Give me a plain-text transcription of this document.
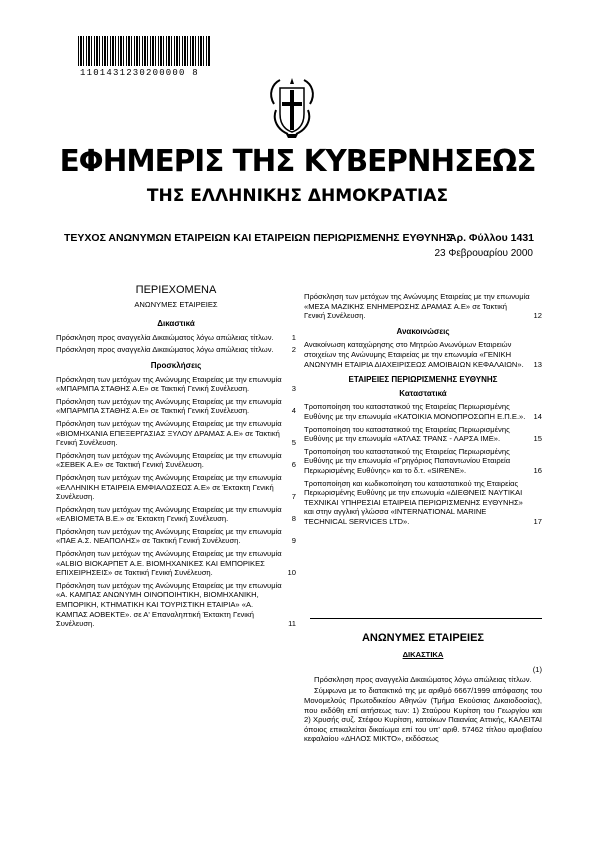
1101431230200000 8
ΕΦΗΜΕΡΙΣ ΤΗΣ ΚΥΒΕΡΝΗΣΕΩΣ
ΤΗΣ ΕΛΛΗΝΙΚΗΣ ΔΗΜΟΚΡΑΤΙΑΣ
ΤΕΥΧΟΣ ΑΝΩΝΥΜΩΝ ΕΤΑΙΡΕΙΩΝ ΚΑΙ ΕΤΑΙΡΕΙΩΝ ΠΕΡΙΩΡΙΣΜΕΝΗΣ ΕΥΘΥΝΗΣ
Αρ. Φύλλου 1431
23 Φεβρουαρίου 2000
ΠΕΡΙΕΧΟΜΕΝΑ
ΑΝΩΝΥΜΕΣ ΕΤΑΙΡΕΙΕΣ
Δικαστικά
Πρόσκληση προς αναγγελία Δικαιώματος λόγω απώλειας τίτλων. 1
Πρόσκληση προς αναγγελία Δικαιώματος λόγω απώλειας τίτλων. 2
Προσκλήσεις
Πρόσκληση των μετόχων της Ανώνυμης Εταιρείας με την επωνυμία «ΜΠΑΡΜΠΑ ΣΤΑΘΗΣ Α.Ε» σε Τακτική Γενική Συνέλευση.	3
Πρόσκληση των μετόχων της Ανώνυμης Εταιρείας με την επωνυμία «ΜΠΑΡΜΠΑ ΣΤΑΘΗΣ Α.Ε» σε Τακτική Γενική Συνέλευση.	4
Πρόσκληση των μετόχων της Ανώνυμης Εταιρείας με την επωνυμία «ΒΙΟΜΗΧΑΝΙΑ ΕΠΕΞΕΡΓΑΣΙΑΣ ΞΥΛΟΥ ΔΡΑΜΑΣ Α.Ε» σε Τακτική Γενική Συνέλευση.	5
Πρόσκληση των μετόχων της Ανώνυμης Εταιρείας με την επωνυμία «ΣΕΒΕΚ Α.Ε» σε Τακτική Γενική Συνέλευση.	6
Πρόσκληση των μετόχων της Ανώνυμης Εταιρείας με την επωνυμία «ΕΛΛΗΝΙΚΗ ΕΤΑΙΡΕΙΑ ΕΜΦΙΑΛΩΣΕΩΣ Α.Ε» σε Έκτακτη Γενική Συνέλευση.	7
Πρόσκληση των μετόχων της Ανώνυμης Εταιρείας με την επωνυμία «ΕΛΒΙΟΜΕΤΑ Β.Ε.» σε Έκτακτη Γενική Συνέλευση.	8
Πρόσκληση των μετόχων της Ανώνυμης Εταιρείας με την επωνυμία «ΠΑΕ Α.Σ. ΝΕΑΠΟΛΗΣ» σε Τακτική Γενική Συνέλευση.	9
Πρόσκληση των μετόχων της Ανώνυμης Εταιρείας με την επωνυμία «ALBIO ΒΙΟΚΑΡΠΕΤ Α.Ε. ΒΙΟΜΗΧΑΝΙΚΕΣ ΚΑΙ ΕΜΠΟΡΙΚΕΣ ΕΠΙΧΕΙΡΗΣΕΙΣ» σε Τακτική Γενική Συνέλευση.	10
Πρόσκληση των μετόχων της Ανώνυμης Εταιρείας με την επωνυμία «Α. ΚΑΜΠΑΣ ΑΝΩΝΥΜΗ ΟΙΝΟΠΟΙΗΤΙΚΗ, ΒΙΟΜΗΧΑΝΙΚΗ, ΕΜΠΟΡΙΚΗ, ΚΤΗΜΑΤΙΚΗ ΚΑΙ ΤΟΥΡΙΣΤΙΚΗ ΕΤΑΙΡΙΑ» «Α. ΚΑΜΠΑΣ ΑΟΒΕΚΤΕ». σε Α' Επαναληπτική Έκτακτη Γενική Συνέλευση.	11
Πρόσκληση των μετόχων της Ανώνυμης Εταιρείας με την επωνυμία «ΜΕΣΑ ΜΑΖΙΚΗΣ ΕΝΗΜΕΡΩΣΗΣ ΔΡΑΜΑΣ Α.Ε» σε Τακτική Γενική Συνέλευση.	12
Ανακοινώσεις
Ανακοίνωση καταχώρησης στο Μητρώο Ανωνύμων Εταιρειών στοιχείων της Ανώνυμης Εταιρείας με την επωνυμία «ΓΕΝΙΚΗ ΑΝΩΝΥΜΗ ΕΤΑΙΡΙΑ ΔΙΑΧΕΙΡΙΣΕΩΣ ΑΜΟΙΒΑΙΩΝ ΚΕΦΑΛΑΙΩΝ». 13
ΕΤΑΙΡΕΙΕΣ ΠΕΡΙΩΡΙΣΜΕΝΗΣ ΕΥΘΥΝΗΣ
Καταστατικά
Τροποποίηση του καταστατικού της Εταιρείας Περιωρισμένης Ευθύνης με την επωνυμία «ΚΑΤΟΙΚΙΑ ΜΟΝΟΠΡΟΣΩΠΗ Ε.Π.Ε.». 14
Τροποποίηση του καταστατικού της Εταιρείας Περιωρισμένης Ευθύνης με την επωνυμία «ΑΤΛΑΣ ΤΡΑΝΣ - ΛΑΡΣΑ ΙΜΕ».	15
Τροποποίηση του καταστατικού της Εταιρείας Περιωρισμένης Ευθύνης με την επωνυμία «Γρηγόριος Παπαντωνίου Εταιρεία Περιωρισμένης Ευθύνης» και το δ.τ. «SIRENE».	16
Τροποποίηση και κωδικοποίηση του καταστατικού της Εταιρείας Περιωρισμένης Ευθύνης με την επωνυμία «ΔΙΕΘΝΕΙΣ ΝΑΥΤΙΚΑΙ ΤΕΧΝΙΚΑΙ ΥΠΗΡΕΣΙΑΙ ΕΤΑΙΡΕΙΑ ΠΕΡΙΩΡΙΣΜΕΝΗΣ ΕΥΘΥΝΗΣ» και στην αγγλική γλώσσα «INTERNATIONAL MARINE TECHNICAL SERVICES LTD».	17
ΑΝΩΝΥΜΕΣ ΕΤΑΙΡΕΙΕΣ
ΔΙΚΑΣΤΙΚΑ
(1)
Πρόσκληση προς αναγγελία Δικαιώματος λόγω απώλειας τίτλων.

Σύμφωνα με το διατακτικό της με αριθμό 6667/1999 απόφασης του Μονομελούς Πρωτοδικείου Αθηνών (Τμήμα Εκούσιας Δικαιοδοσίας), που εκδόθη επί αιτήσεως των: 1) Σταύρου Κυρίτση του Γεωργίου και 2) Χρυσής συζ. Στέφου Κυρίτση, κατοίκων Παιανίας Αττικής, ΚΑΛΕΙΤΑΙ όποιος επικαλείται δικαίωμα επί του υπ' αριθ. 57462 τίτλου αμοιβαίου κεφαλαίου «ΔΗΛΟΣ ΜΙΚΤΟ», εκδόσεως
